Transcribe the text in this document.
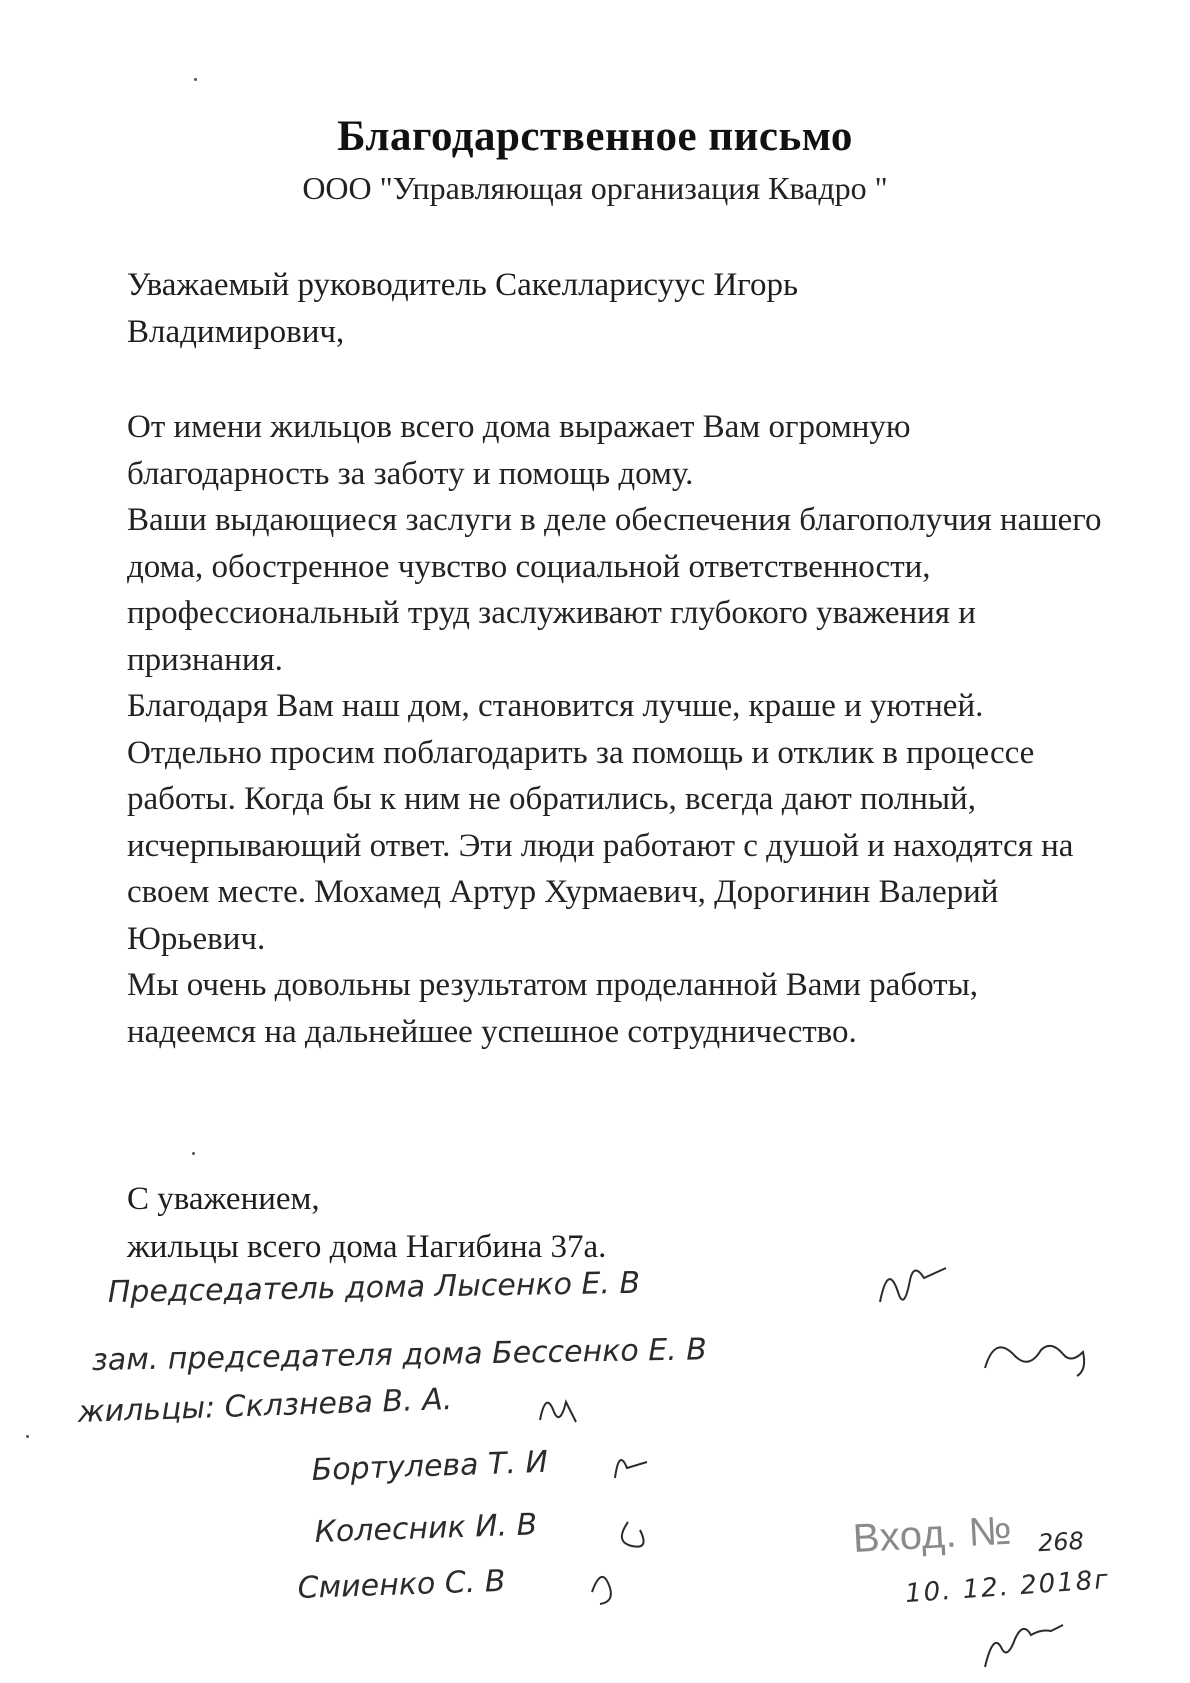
Благодарственное письмо
ООО "Управляющая организация Квадро "
Уважаемый руководитель Сакелларисуус Игорь
Владимирович,

От имени жильцов всего дома выражает Вам огромную благодарность за заботу и помощь дому.

Ваши выдающиеся заслуги в деле обеспечения благополучия нашего дома, обостренное чувство социальной ответственности, профессиональный труд заслуживают глубокого уважения и признания.

Благодаря Вам наш дом, становится лучше, краше и уютней.

Отдельно просим поблагодарить за помощь и отклик в процессе работы. Когда бы к ним не обратились, всегда дают полный, исчерпывающий ответ. Эти люди работают с душой и находятся на своем месте. Мохамед Артур Хурмаевич, Дорогинин Валерий Юрьевич.

Мы очень довольны результатом проделанной Вами работы, надеемся на дальнейшее успешное сотрудничество.

С уважением,

жильцы всего дома Нагибина 37а.

Председатель дома Лысенко Е. В
зам. председателя дома Бессенко Е. В
жильцы: Склзнева В. А.
Бортулева Т. И
Колесник И. В
Смиенко С. В
Вход. № 268
10. 12. 2018г
